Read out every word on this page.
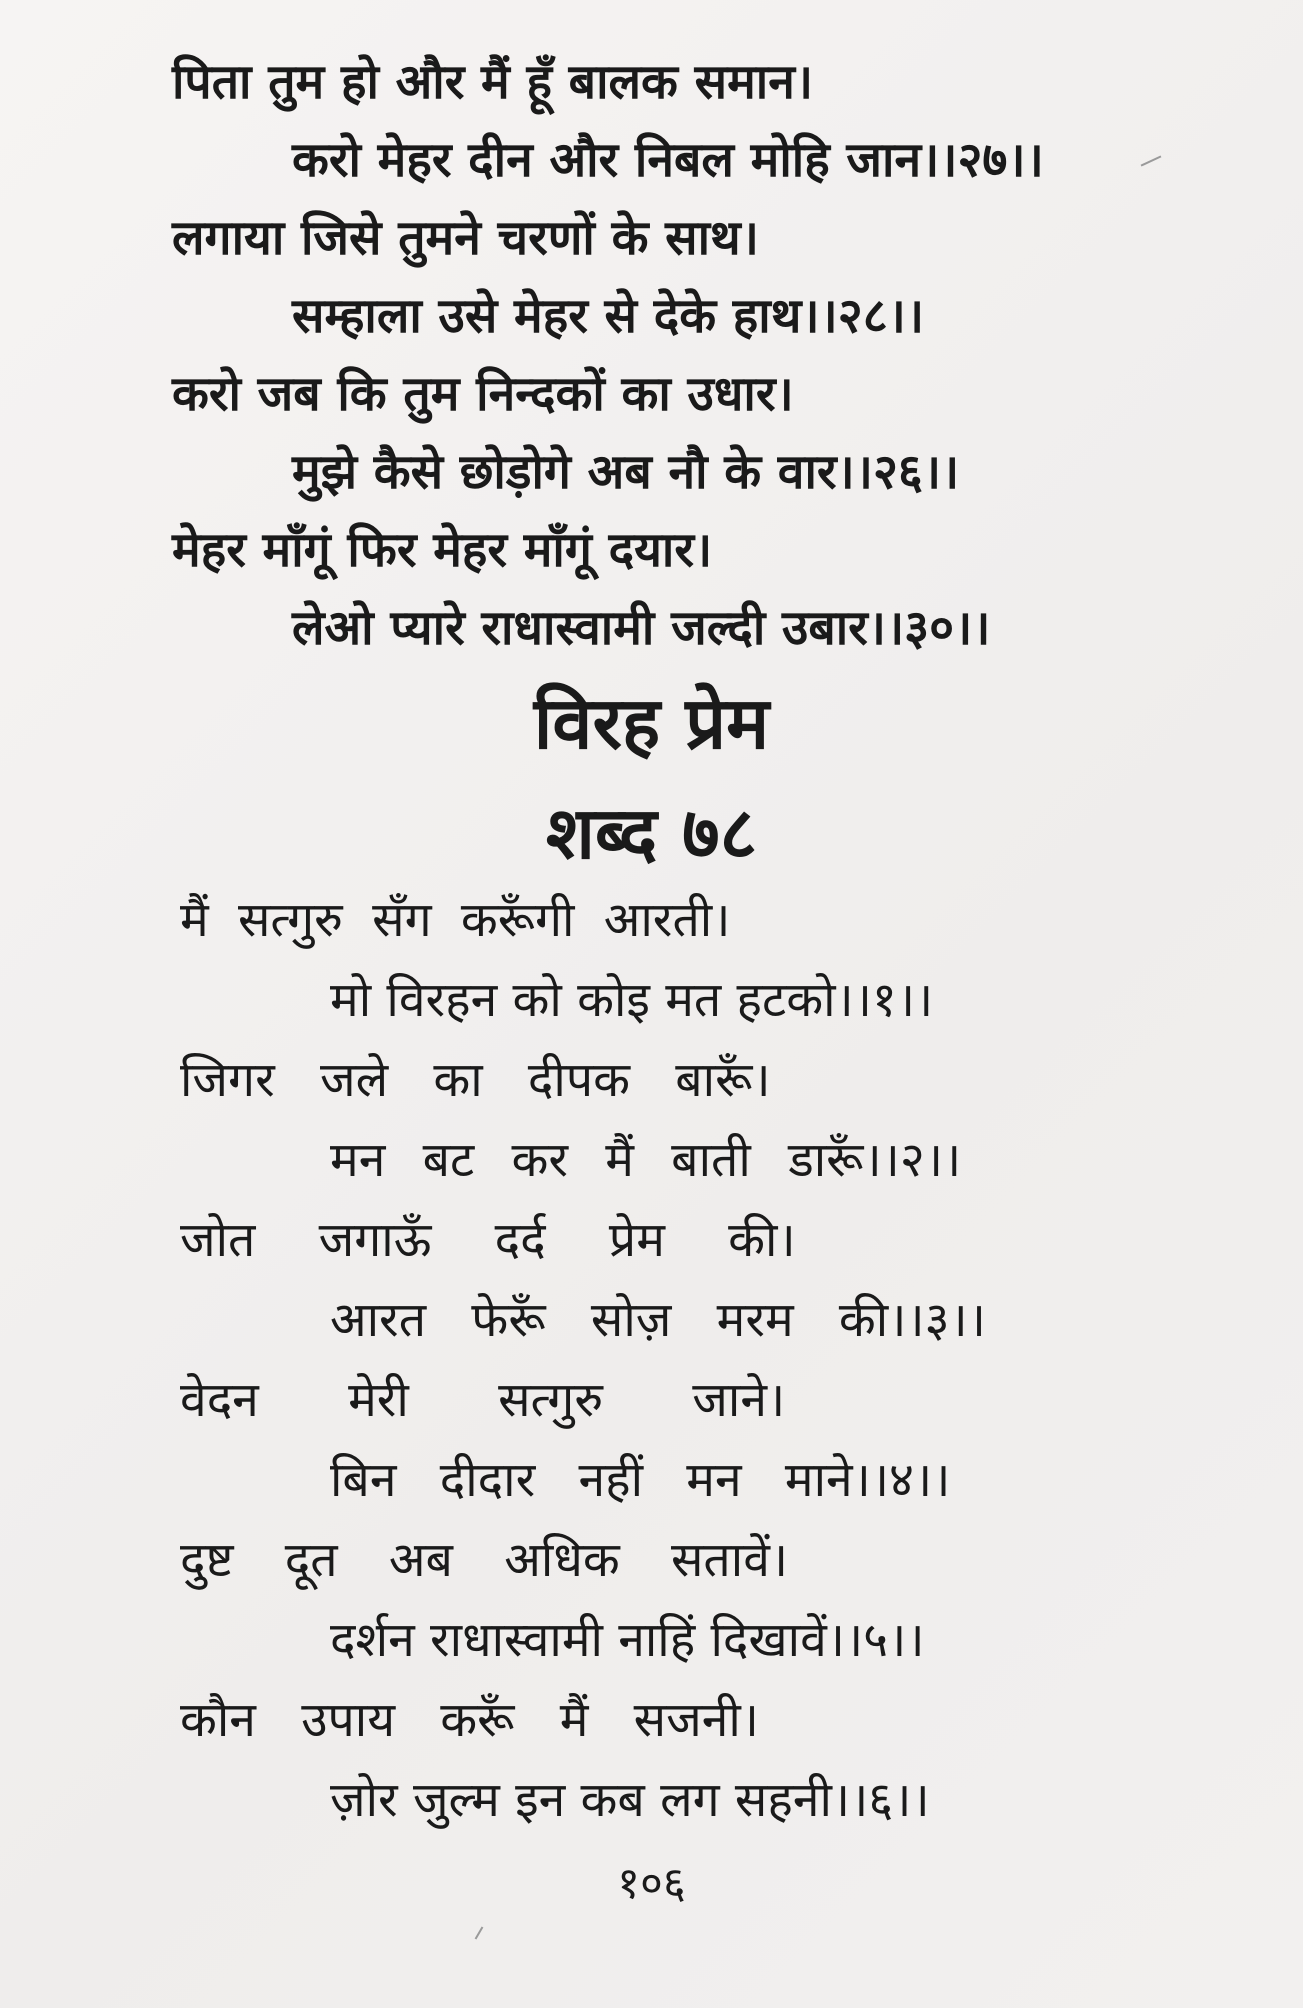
पिता तुम हो और मैं हूँ बालक समान।
करो मेहर दीन और निबल मोहि जान।।२७।।
लगाया जिसे तुमने चरणों के साथ।
सम्हाला उसे मेहर से देके हाथ।।२८।।
करो जब कि तुम निन्दकों का उधार।
मुझे कैसे छोड़ोगे अब नौ के वार।।२६।।
मेहर माँगूं फिर मेहर माँगूं दयार।
लेओ प्यारे राधास्वामी जल्दी उबार।।३०।।
विरह प्रेम
शब्द ७८
मैं सत्गुरु सँग करूँगी आरती।
मो विरहन को कोइ मत हटको।।१।।
जिगर जले का दीपक बारूँ।
मन बट कर मैं बाती डारूँ।।२।।
जोत जगाऊँ दर्द प्रेम की।
आरत फेरूँ सोज़ मरम की।।३।।
वेदन मेरी सत्गुरु जाने।
बिन दीदार नहीं मन माने।।४।।
दुष्ट दूत अब अधिक सतावें।
दर्शन राधास्वामी नाहिं दिखावें।।५।।
कौन उपाय करूँ मैं सजनी।
ज़ोर जुल्म इन कब लग सहनी।।६।।
१०६
